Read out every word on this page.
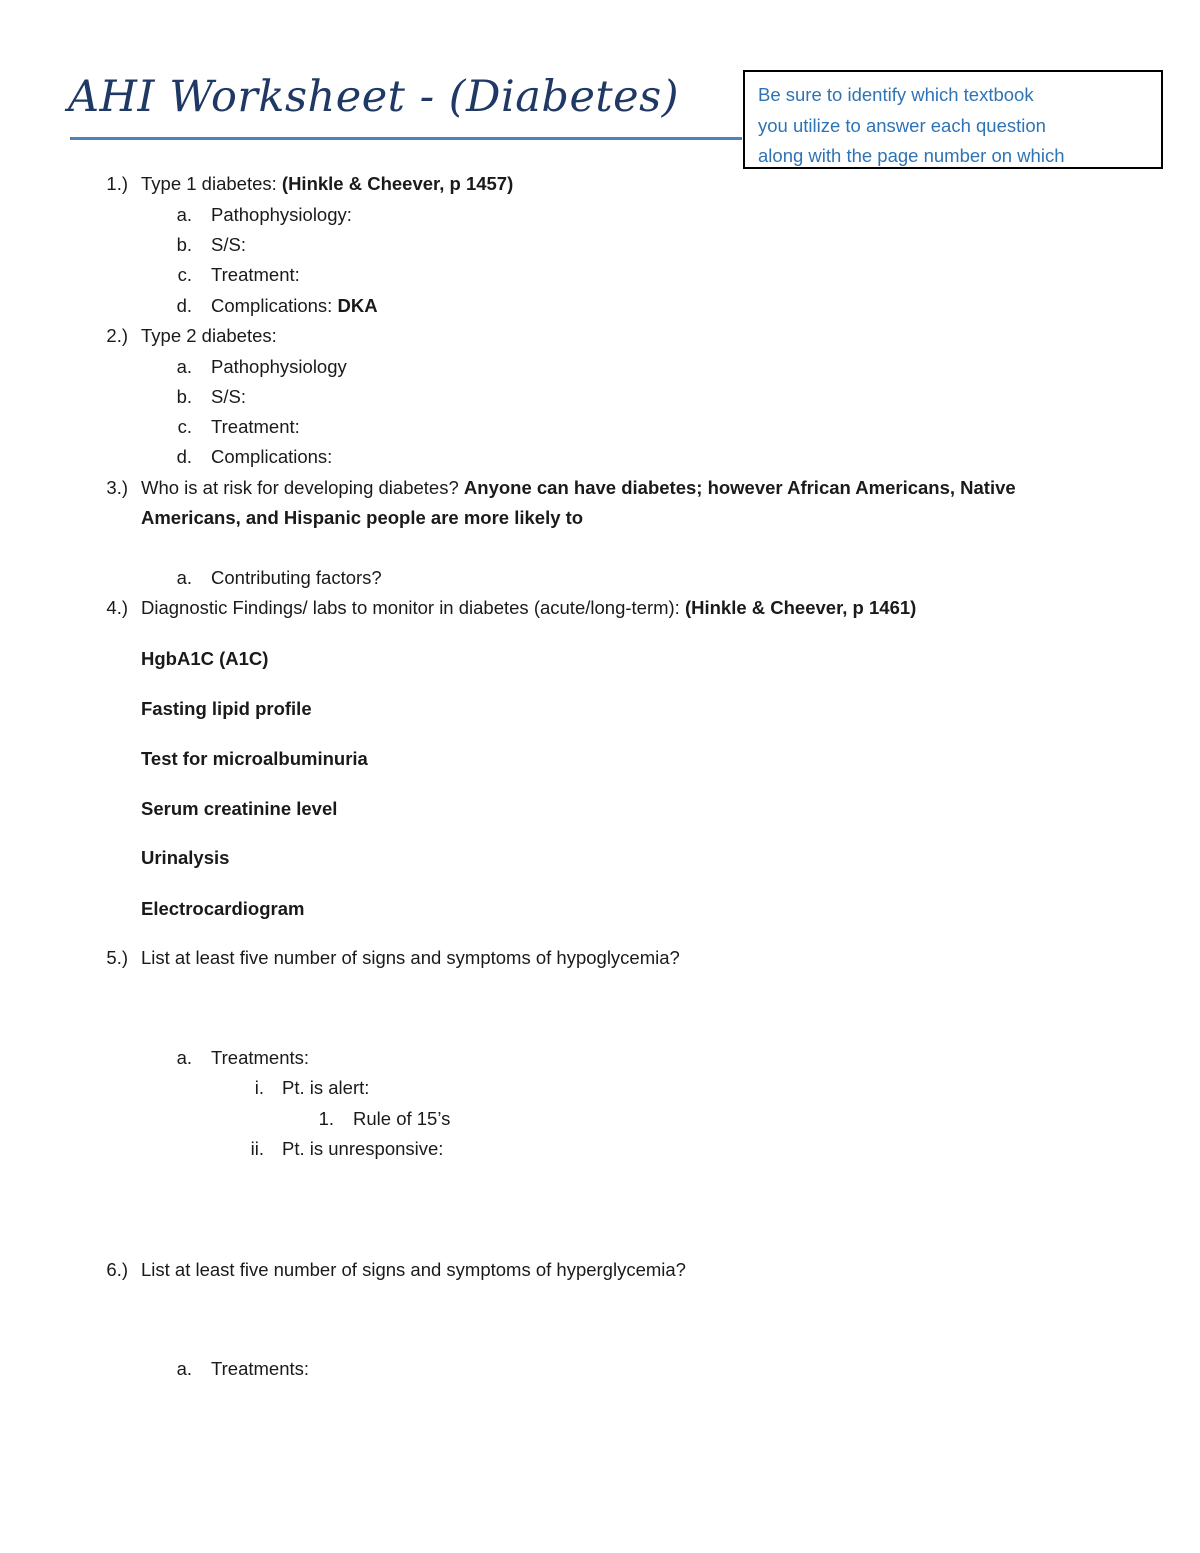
AHI Worksheet - (Diabetes)	Be sure to identify which textbook
you utilize to answer each question
along with the page number on which
1.) Type 1 diabetes: (Hinkle & Cheever, p 1457)
a. Pathophysiology:
b. S/S:
c. Treatment:
d. Complications: DKA
2.) Type 2 diabetes:
a. Pathophysiology
b. S/S:
c. Treatment:
d. Complications:
3.) Who is at risk for developing diabetes? Anyone can have diabetes; however African Americans, Native
Americans, and Hispanic people are more likely to
a. Contributing factors?
4.) Diagnostic Findings/ labs to monitor in diabetes (acute/long-term): (Hinkle & Cheever, p 1461)
HgbA1C (A1C)
Fasting lipid profile
Test for microalbuminuria
Serum creatinine level
Urinalysis
Electrocardiogram
5.) List at least five number of signs and symptoms of hypoglycemia?
a. Treatments:
i. Pt. is alert:
1. Rule of 15’s
ii. Pt. is unresponsive:
6.) List at least five number of signs and symptoms of hyperglycemia?
a. Treatments:
